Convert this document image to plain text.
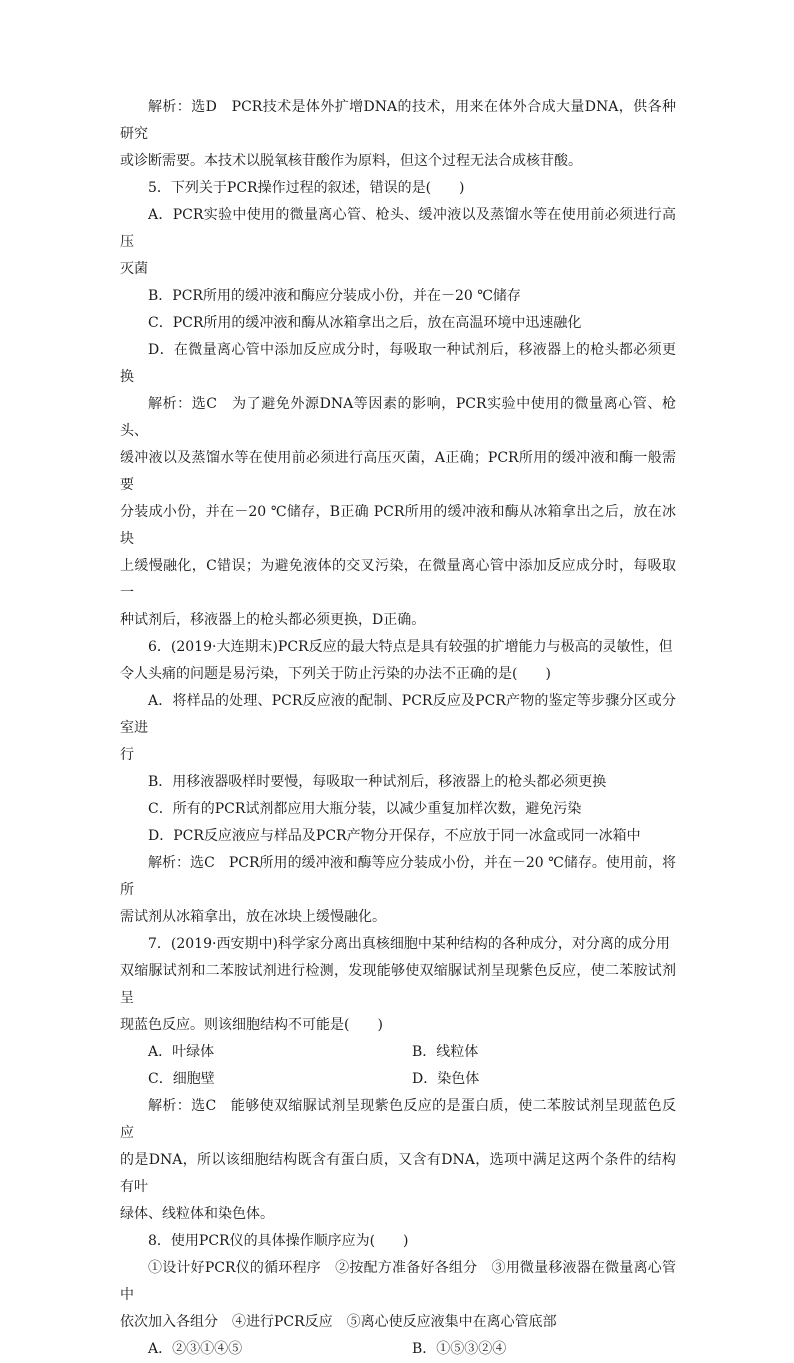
解析：选D　PCR技术是体外扩增DNA的技术，用来在体外合成大量DNA，供各种研究

或诊断需要。本技术以脱氧核苷酸作为原料，但这个过程无法合成核苷酸。

5．下列关于PCR操作过程的叙述，错误的是(　　)

A．PCR实验中使用的微量离心管、枪头、缓冲液以及蒸馏水等在使用前必须进行高压

灭菌

B．PCR所用的缓冲液和酶应分装成小份，并在－20 ℃储存

C．PCR所用的缓冲液和酶从冰箱拿出之后，放在高温环境中迅速融化

D．在微量离心管中添加反应成分时，每吸取一种试剂后，移液器上的枪头都必须更换

解析：选C　为了避免外源DNA等因素的影响，PCR实验中使用的微量离心管、枪头、

缓冲液以及蒸馏水等在使用前必须进行高压灭菌，A正确；PCR所用的缓冲液和酶一般需要

分装成小份，并在－20 ℃储存，B正确 PCR所用的缓冲液和酶从冰箱拿出之后，放在冰块

上缓慢融化，C错误；为避免液体的交叉污染，在微量离心管中添加反应成分时，每吸取一

种试剂后，移液器上的枪头都必须更换，D正确。

6．(2019·大连期末)PCR反应的最大特点是具有较强的扩增能力与极高的灵敏性，但

令人头痛的问题是易污染，下列关于防止污染的办法不正确的是(　　)

A．将样品的处理、PCR反应液的配制、PCR反应及PCR产物的鉴定等步骤分区或分室进

行

B．用移液器吸样时要慢，每吸取一种试剂后，移液器上的枪头都必须更换

C．所有的PCR试剂都应用大瓶分装，以减少重复加样次数，避免污染

D．PCR反应液应与样品及PCR产物分开保存，不应放于同一冰盒或同一冰箱中

解析：选C　PCR所用的缓冲液和酶等应分装成小份，并在－20 ℃储存。使用前，将所

需试剂从冰箱拿出，放在冰块上缓慢融化。

7．(2019·西安期中)科学家分离出真核细胞中某种结构的各种成分，对分离的成分用

双缩脲试剂和二苯胺试剂进行检测，发现能够使双缩脲试剂呈现紫色反应，使二苯胺试剂呈

现蓝色反应。则该细胞结构不可能是(　　)

A．叶绿体	B．线粒体
C．细胞壁	D．染色体

解析：选C　能够使双缩脲试剂呈现紫色反应的是蛋白质，使二苯胺试剂呈现蓝色反应

的是DNA，所以该细胞结构既含有蛋白质，又含有DNA，选项中满足这两个条件的结构有叶

绿体、线粒体和染色体。

8．使用PCR仪的具体操作顺序应为(　　)

①设计好PCR仪的循环程序　②按配方准备好各组分　③用微量移液器在微量离心管中

依次加入各组分　④进行PCR反应　⑤离心使反应液集中在离心管底部

A．②③①④⑤	B．①⑤③②④
